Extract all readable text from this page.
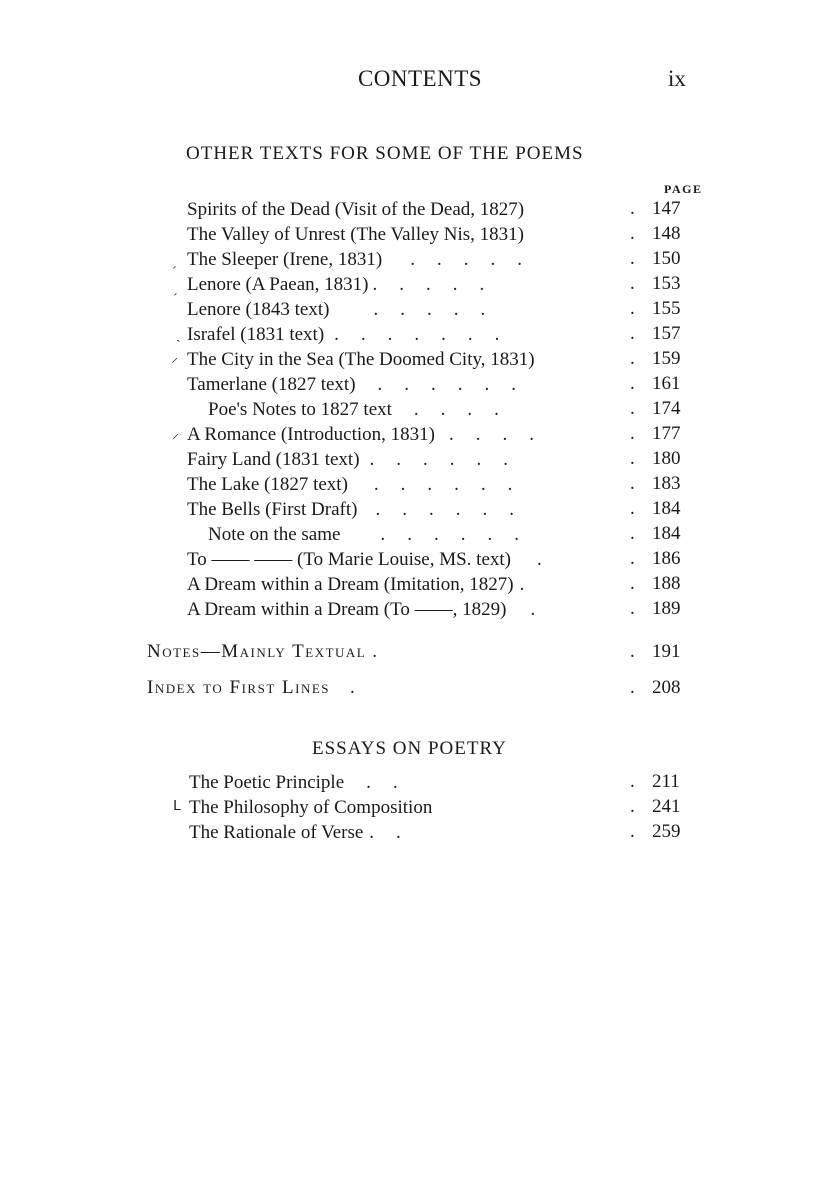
CONTENTS	ix
OTHER TEXTS FOR SOME OF THE POEMS
PAGE
Spirits of the Dead (Visit of the Dead, 1827)	. 147
The Valley of Unrest (The Valley Nis, 1831)	. 148
The Sleeper (Irene, 1831) .....	. 150
ˊ
Lenore (A Paean, 1831) .....	. 153
ˊ Lenore (1843 text) .....	. 155
ˏ Israfel (1831 text) .......	. 157
⸝ The City in the Sea (The Doomed City, 1831)	. 159
Tamerlane (1827 text) ......	. 161
Poe's Notes to 1827 text ....	. 174
⸝ A Romance (Introduction, 1831) ....	. 177
Fairy Land (1831 text) ......	. 180
The Lake (1827 text) ......	. 183
The Bells (First Draft) ......	. 184
Note on the same ......	. 184
To —— —— (To Marie Louise, MS. text) .	. 186
A Dream within a Dream (Imitation, 1827) .	. 188
A Dream within a Dream (To ——, 1829) .	. 189
Notes—Mainly Textual .	. 191
Index to First Lines .	. 208
ESSAYS ON POETRY
The Poetic Principle ..	. 211
ᒪ The Philosophy of Composition	. 241
The Rationale of Verse ..	. 259
